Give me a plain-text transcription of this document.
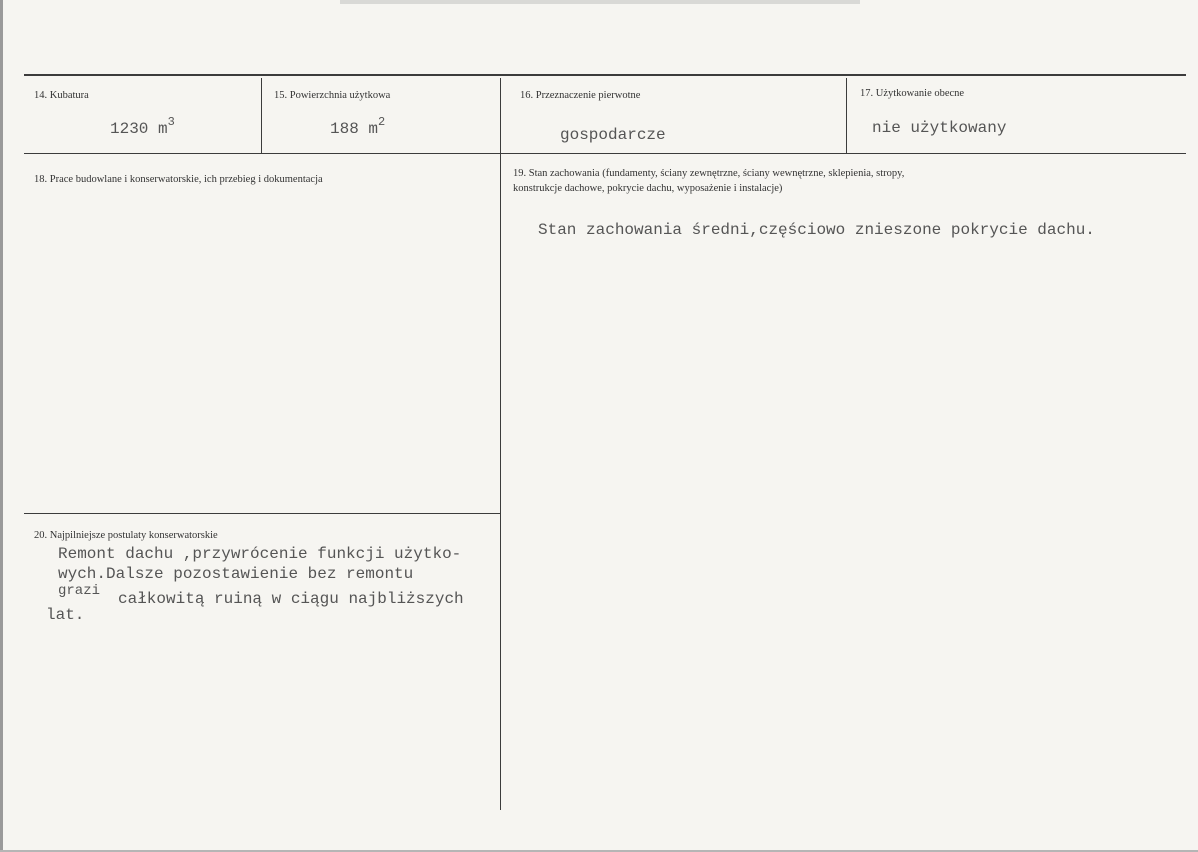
14. Kubatura
1230 $m^3$
15. Powierzchnia użytkowa
188 $m^2$
16. Przeznaczenie pierwotne
gospodarcze
17. Użytkowanie obecne
nie użytkowany
18. Prace budowlane i konserwatorskie, ich przebieg i dokumentacja
19. Stan zachowania (fundamenty, ściany zewnętrzne, ściany wewnętrzne, sklepienia, stropy,
konstrukcje dachowe, pokrycie dachu, wyposażenie i instalacje)
Stan zachowania średni,częściowo znieszone pokrycie dachu.
20. Najpilniejsze postulaty konserwatorskie
Remont dachu ,przywrócenie funkcji użytko-
wych.Dalsze pozostawienie bez remontu
grazi całkowitą ruiną w ciągu najbliższych
lat.
